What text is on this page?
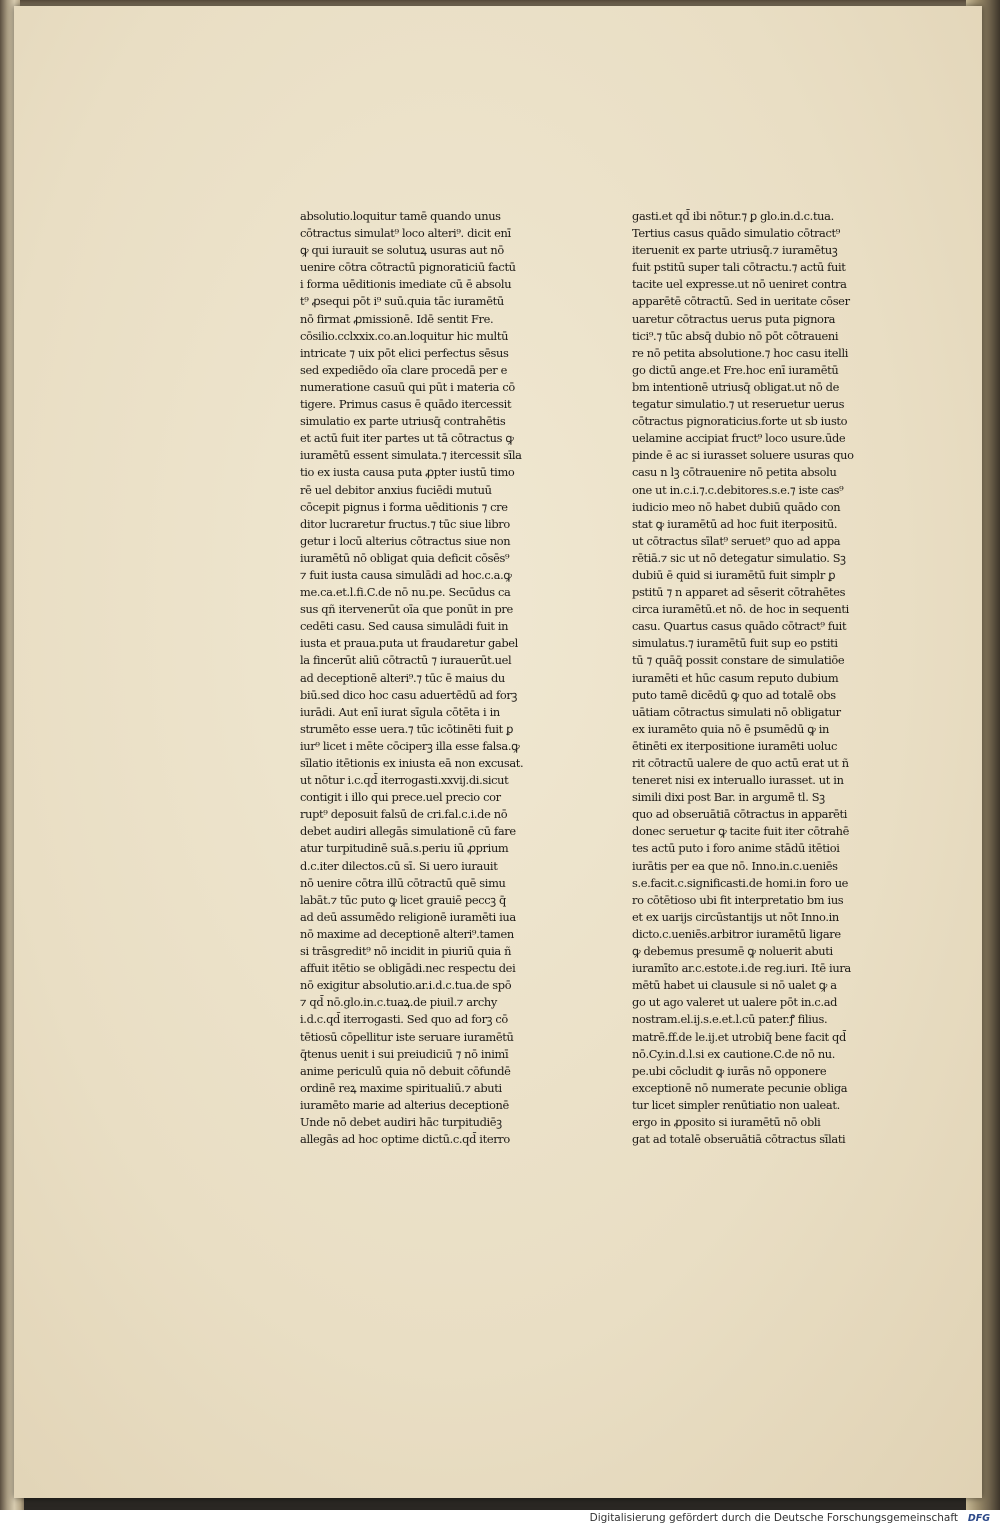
absolutio.loquitur tamē quando unus
cōtractus simulat⁹ loco alteri⁹. dicit enī
ꝙ qui iurauit se solutuꝝ usuras aut nō
uenire cōtra cōtractū pignoraticiū factū
i forma uēditionis imediate cū ē absolu
t⁹ ꝓsequi pōt i⁹ suū.quia tāc iuramētū
nō firmat ꝓmissionē. Idē sentit Fre.
cōsilio.cclxxix.co.an.loquitur hic multū
intricate ⁊ uix pōt elici perfectus sēsus
sed expediēdo oīa clare procedā per e
numeratione casuū qui pūt i materia cō
tigere. Primus casus ē quādo itercessit
simulatio ex parte utriusq̄ contrahētis
et actū fuit iter partes ut tā cōtractus ꝙ
iuramētū essent simulata.⁊ itercessit sīla
tio ex iusta causa puta ꝓpter iustū timo
rē uel debitor anxius fuciēdi mutuū
cōcepit pignus i forma uēditionis ⁊ cre
ditor lucraretur fructus.⁊ tūc siue libro
getur i locū alterius cōtractus siue non
iuramētū nō obligat quia deficit cōsēs⁹
⁊ fuit iusta causa simulādi ad hoc.c.a.ꝙ
me.ca.et.l.fi.C.de nō nu.pe. Secūdus ca
sus qñ itervenerūt oīa que ponūt in pre
cedēti casu. Sed causa simulādi fuit in
iusta et praua.puta ut fraudaretur gabel
la fincerūt aliū cōtractū ⁊ iurauerūt.uel
ad deceptionē alteri⁹.⁊ tūc ē maius du
biū.sed dico hoc casu aduertēdū ad forꝫ
iurādi. Aut enī iurat sīgula cōtēta i in
strumēto esse uera.⁊ tūc icōtinēti fuit ꝑ
iur⁹ licet i mēte cōciperꝫ illa esse falsa.ꝙ
sīlatio itētionis ex iniusta eā non excusat.
ut nōtur i.c.qd̄ iterrogasti.xxvij.di.sicut
contigit i illo qui prece.uel precio cor
rupt⁹ deposuit falsū de cri.fal.c.i.de nō
debet audiri allegās simulationē cū fare
atur turpitudinē suā.s.periu iū ꝓprium
d.c.iter dilectos.cū sī. Si uero iurauit
nō uenire cōtra illū cōtractū quē simu
labāt.⁊ tūc puto ꝙ licet grauiē peccꝫ q̄
ad deū assumēdo religionē iuramēti iua
nō maxime ad deceptionē alteri⁹.tamen
si trāsgredit⁹ nō incidit in piuriū quia ñ
affuit itētio se obligādi.nec respectu dei
nō exigitur absolutio.ar.i.d.c.tua.de spō
⁊ qd̄ nō.glo.in.c.tuaꝝ.de piuil.⁊ archy
i.d.c.qd̄ iterrogasti. Sed quo ad forꝫ cō
tētiosū cōpellitur iste seruare iuramētū
q̄tenus uenit i sui preiudiciū ⁊ nō inimī
anime periculū quia nō debuit cōfundē
ordinē reꝝ maxime spiritualiū.⁊ abuti
iuramēto marie ad alterius deceptionē
Unde nō debet audiri hāc turpitudiēꝫ
allegās ad hoc optime dictū.c.qd̄ iterro
gasti.et qd̄ ibi nōtur.⁊ ꝑ glo.in.d.c.tua.
Tertius casus quādo simulatio cōtract⁹
iteruenit ex parte utriusq̄.⁊ iuramētuꝫ
fuit pstitū super tali cōtractu.⁊ actū fuit
tacite uel expresse.ut nō ueniret contra
apparētē cōtractū. Sed in ueritate cōser
uaretur cōtractus uerus puta pignora
tici⁹.⁊ tūc absq̄ dubio nō pōt cōtraueni
re nō petita absolutione.⁊ hoc casu itelli
go dictū ange.et Fre.hoc enī iuramētū
bm intentionē utriusq̄ obligat.ut nō de
tegatur simulatio.⁊ ut reseruetur uerus
cōtractus pignoraticius.forte ut sb iusto
uelamine accipiat fruct⁹ loco usure.ūde
pinde ē ac si iurasset soluere usuras quo
casu n lꝫ cōtrauenire nō petita absolu
one ut in.c.i.⁊.c.debitores.s.e.⁊ iste cas⁹
iudicio meo nō habet dubiū quādo con
stat ꝙ iuramētū ad hoc fuit iterpositū.
ut cōtractus sīlat⁹ seruet⁹ quo ad appa
rētiā.⁊ sic ut nō detegatur simulatio. Sꝫ
dubiū ē quid si iuramētū fuit simplr ꝑ
pstitū ⁊ n apparet ad sēserit cōtrahētes
circa iuramētū.et nō. de hoc in sequenti
casu. Quartus casus quādo cōtract⁹ fuit
simulatus.⁊ iuramētū fuit sup eo pstiti
tū ⁊ quāq̄ possit constare de simulatiōe
iuramēti et hūc casum reputo dubium
puto tamē dicēdū ꝙ quo ad totalē obs
uātiam cōtractus simulati nō obligatur
ex iuramēto quia nō ē psumēdū ꝙ in
ētinēti ex iterpositione iuramēti uoluc
rit cōtractū ualere de quo actū erat ut ñ
teneret nisi ex interuallo iurasset. ut in
simili dixi post Bar. in argumē tl. Sꝫ
quo ad obseruātiā cōtractus in apparēti
donec seruetur ꝙ tacite fuit iter cōtrahē
tes actū puto i foro anime stādū itētioi
iurātis per ea que nō. Inno.in.c.ueniēs
s.e.facit.c.significasti.de homi.in foro ue
ro cōtētioso ubi fit interpretatio bm ius
et ex uarijs circūstantijs ut nōt Inno.in
dicto.c.ueniēs.arbitror iuramētū ligare
ꝙ debemus presumē ꝙ noluerit abuti
iuramīto ar.c.estote.i.de reg.iuri. Itē iura
mētū habet ui clausule si nō ualet ꝙ a
go ut ago valeret ut ualere pōt in.c.ad
nostram.el.ij.s.e.et.l.cū pater.ꝭ filius.
matrē.ff.de le.ij.et utrobiq̄ bene facit qd̄
nō.Cy.in.d.l.si ex cautione.C.de nō nu.
pe.ubi cōcludit ꝙ iurās nō opponere
exceptionē nō numerate pecunie obliga
tur licet simpler renūtiatio non ualeat.
ergo in ꝓposito si iuramētū nō obli
gat ad totalē obseruātiā cōtractus sīlati
Digitalisierung gefördert durch die Deutsche Forschungsgemeinschaft	DFG
